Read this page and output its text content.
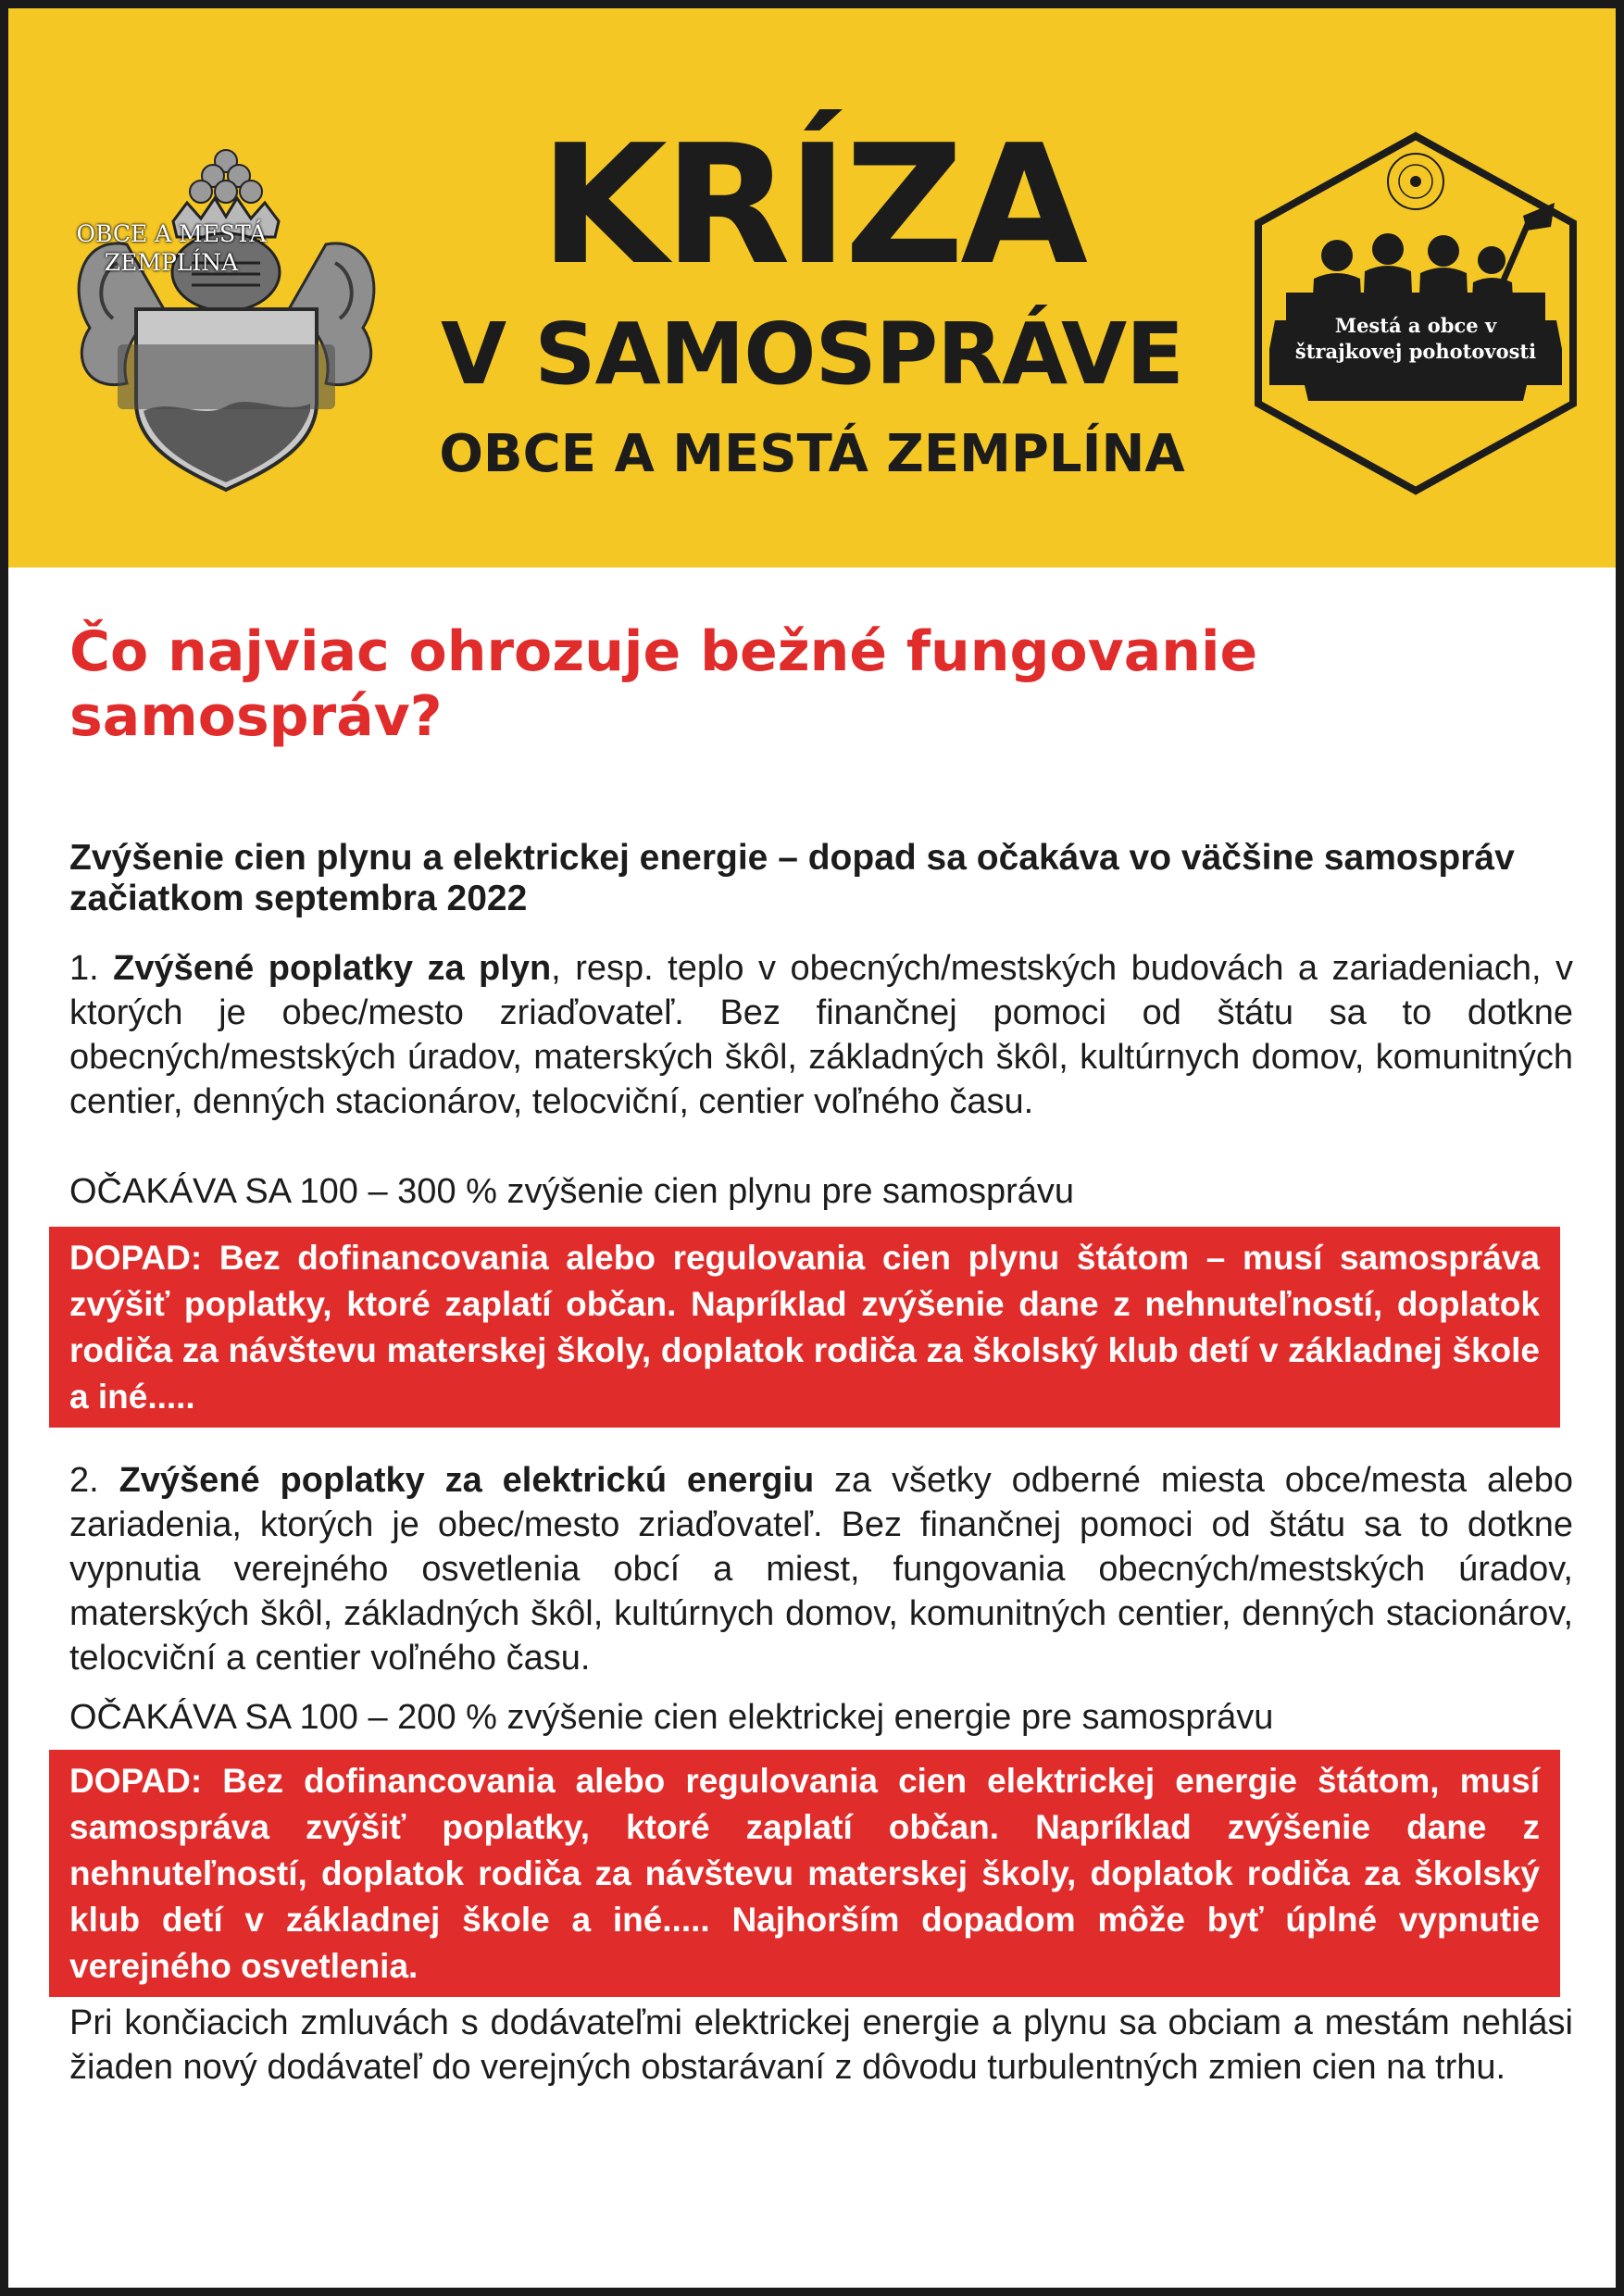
OBCE A MESTÁ
ZEMPLÍNA	KRÍZA
V SAMOSPRÁVE
OBCE A MESTÁ ZEMPLÍNA
Mestá a obce v
štrajkovej pohotovosti
Čo najviac ohrozuje bežné fungovanie samospráv?
Zvýšenie cien plynu a elektrickej energie – dopad sa očakáva vo väčšine samospráv začiatkom septembra 2022
1. Zvýšené poplatky za plyn, resp. teplo v obecných/mestských budovách a zariadeniach, v ktorých je obec/mesto zriaďovateľ. Bez finančnej pomoci od štátu sa to dotkne obecných/mestských úradov, materských škôl, základných škôl, kultúrnych domov, komunitných centier, denných stacionárov, telocviční, centier voľného času.
OČAKÁVA SA 100 – 300 % zvýšenie cien plynu pre samosprávu
DOPAD: Bez dofinancovania alebo regulovania cien plynu štátom – musí samospráva zvýšiť poplatky, ktoré zaplatí občan. Napríklad zvýšenie dane z nehnuteľností, doplatok rodiča za návštevu materskej školy, doplatok rodiča za školský klub detí v základnej škole a iné.....
2. Zvýšené poplatky za elektrickú energiu za všetky odberné miesta obce/mesta alebo zariadenia, ktorých je obec/mesto zriaďovateľ. Bez finančnej pomoci od štátu sa to dotkne vypnutia verejného osvetlenia obcí a miest, fungovania obecných/mestských úradov, materských škôl, základných škôl, kultúrnych domov, komunitných centier, denných stacionárov, telocviční a centier voľného času.
OČAKÁVA SA 100 – 200 % zvýšenie cien elektrickej energie pre samosprávu
DOPAD: Bez dofinancovania alebo regulovania cien elektrickej energie štátom, musí samospráva zvýšiť poplatky, ktoré zaplatí občan. Napríklad zvýšenie dane z nehnuteľností, doplatok rodiča za návštevu materskej školy, doplatok rodiča za školský klub detí v základnej škole a iné..... Najhorším dopadom môže byť úplné vypnutie verejného osvetlenia.
Pri končiacich zmluvách s dodávateľmi elektrickej energie a plynu sa obciam a mestám nehlási žiaden nový dodávateľ do verejných obstarávaní z dôvodu turbulentných zmien cien na trhu.
